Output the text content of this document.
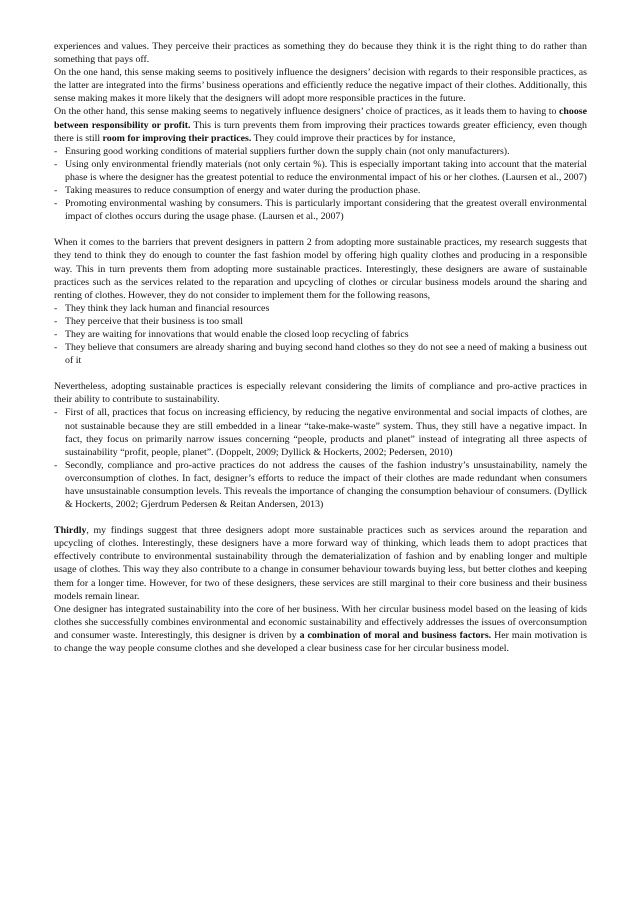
experiences and values. They perceive their practices as something they do because they think it is the right thing to do rather than something that pays off.

On the one hand, this sense making seems to positively influence the designers’ decision with regards to their responsible practices, as the latter are integrated into the firms’ business operations and efficiently reduce the negative impact of their clothes. Additionally, this sense making makes it more likely that the designers will adopt more responsible practices in the future.

On the other hand, this sense making seems to negatively influence designers’ choice of practices, as it leads them to having to choose between responsibility or profit. This is turn prevents them from improving their practices towards greater efficiency, even though there is still room for improving their practices. They could improve their practices by for instance,

- Ensuring good working conditions of material suppliers further down the supply chain (not only manufacturers).
- Using only environmental friendly materials (not only certain %). This is especially important taking into account that the material phase is where the designer has the greatest potential to reduce the environmental impact of his or her clothes. (Laursen et al., 2007)
- Taking measures to reduce consumption of energy and water during the production phase.
- Promoting environmental washing by consumers. This is particularly important considering that the greatest overall environmental impact of clothes occurs during the usage phase. (Laursen et al., 2007)

When it comes to the barriers that prevent designers in pattern 2 from adopting more sustainable practices, my research suggests that they tend to think they do enough to counter the fast fashion model by offering high quality clothes and producing in a responsible way. This in turn prevents them from adopting more sustainable practices. Interestingly, these designers are aware of sustainable practices such as the services related to the reparation and upcycling of clothes or circular business models around the sharing and renting of clothes. However, they do not consider to implement them for the following reasons,

- They think they lack human and financial resources
- They perceive that their business is too small
- They are waiting for innovations that would enable the closed loop recycling of fabrics
- They believe that consumers are already sharing and buying second hand clothes so they do not see a need of making a business out of it

Nevertheless, adopting sustainable practices is especially relevant considering the limits of compliance and pro-active practices in their ability to contribute to sustainability.

- First of all, practices that focus on increasing efficiency, by reducing the negative environmental and social impacts of clothes, are not sustainable because they are still embedded in a linear “take-make-waste” system. Thus, they still have a negative impact. In fact, they focus on primarily narrow issues concerning “people, products and planet” instead of integrating all three aspects of sustainability “profit, people, planet”. (Doppelt, 2009; Dyllick & Hockerts, 2002; Pedersen, 2010)
- Secondly, compliance and pro-active practices do not address the causes of the fashion industry’s unsustainability, namely the overconsumption of clothes. In fact, designer’s efforts to reduce the impact of their clothes are made redundant when consumers have unsustainable consumption levels. This reveals the importance of changing the consumption behaviour of consumers. (Dyllick & Hockerts, 2002; Gjerdrum Pedersen & Reitan Andersen, 2013)

Thirdly, my findings suggest that three designers adopt more sustainable practices such as services around the reparation and upcycling of clothes. Interestingly, these designers have a more forward way of thinking, which leads them to adopt practices that effectively contribute to environmental sustainability through the dematerialization of fashion and by enabling longer and multiple usage of clothes. This way they also contribute to a change in consumer behaviour towards buying less, but better clothes and keeping them for a longer time. However, for two of these designers, these services are still marginal to their core business and their business models remain linear.

One designer has integrated sustainability into the core of her business. With her circular business model based on the leasing of kids clothes she successfully combines environmental and economic sustainability and effectively addresses the issues of overconsumption and consumer waste. Interestingly, this designer is driven by a combination of moral and business factors. Her main motivation is to change the way people consume clothes and she developed a clear business case for her circular business model.
